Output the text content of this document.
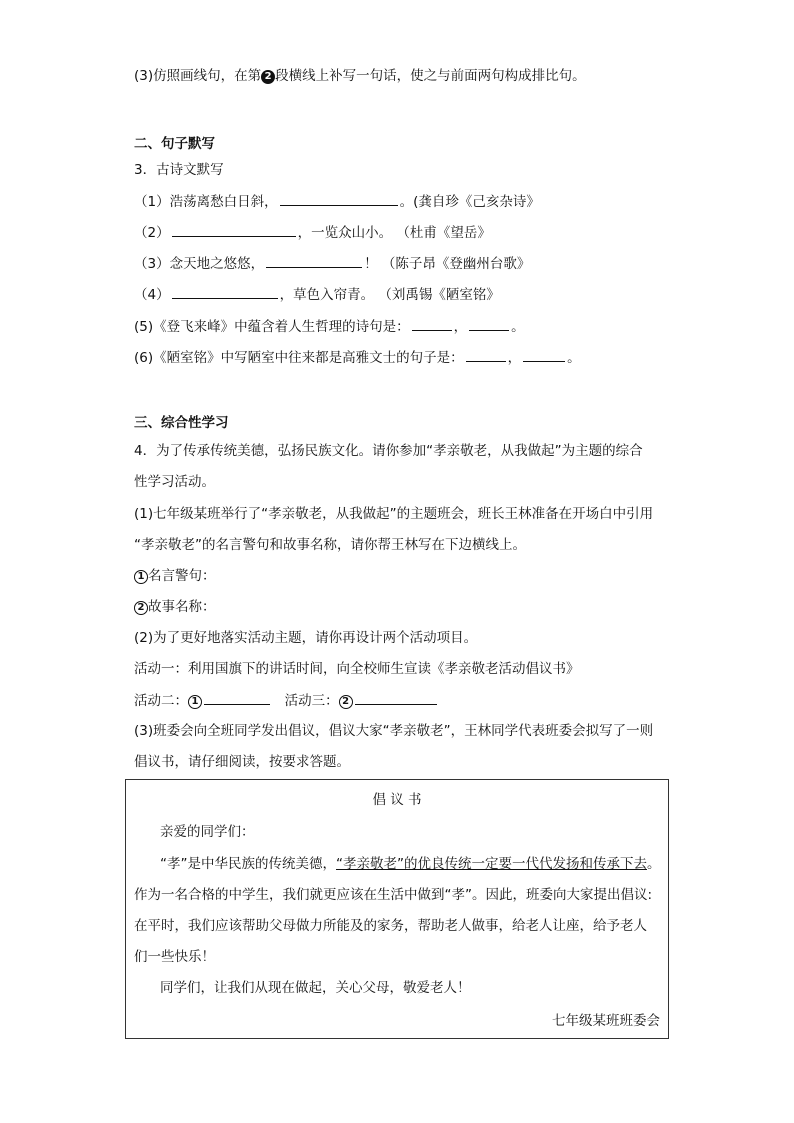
(3)仿照画线句，在第 2 段横线上补写一句话，使之与前面两句构成排比句。
二、句子默写
3．古诗文默写
（1）浩荡离愁白日斜，	。(龚自珍《己亥杂诗》
（2）	，一览众山小。 （杜甫《望岳》
（3）念天地之悠悠，	！ （陈子昂《登幽州台歌》
（4）	，草色入帘青。 （刘禹锡《陋室铭》
(5)《登飞来峰》中蕴含着人生哲理的诗句是：	，	。
(6)《陋室铭》中写陋室中往来都是高雅文士的句子是：	，	。
三、综合性学习
4．为了传承传统美德，弘扬民族文化。请你参加“孝亲敬老，从我做起”为主题的综合
性学习活动。
(1)七年级某班举行了“孝亲敬老，从我做起”的主题班会，班长王林准备在开场白中引用
“孝亲敬老”的名言警句和故事名称，请你帮王林写在下边横线上。
1 名言警句：
2 故事名称：
(2)为了更好地落实活动主题，请你再设计两个活动项目。
活动一：利用国旗下的讲话时间，向全校师生宣读《孝亲敬老活动倡议书》
活动二： 1	活动三： 2
(3)班委会向全班同学发出倡议，倡议大家“孝亲敬老”，王林同学代表班委会拟写了一则
倡议书，请仔细阅读，按要求答题。
倡 议 书
亲爱的同学们：
“孝”是中华民族的传统美德，“孝亲敬老”的优良传统一定要一代代发扬和传承下去。
作为一名合格的中学生，我们就更应该在生活中做到“孝”。因此，班委向大家提出倡议:
在平时，我们应该帮助父母做力所能及的家务，帮助老人做事，给老人让座，给予老人
们一些快乐！
同学们，让我们从现在做起，关心父母，敬爱老人！
七年级某班班委会
